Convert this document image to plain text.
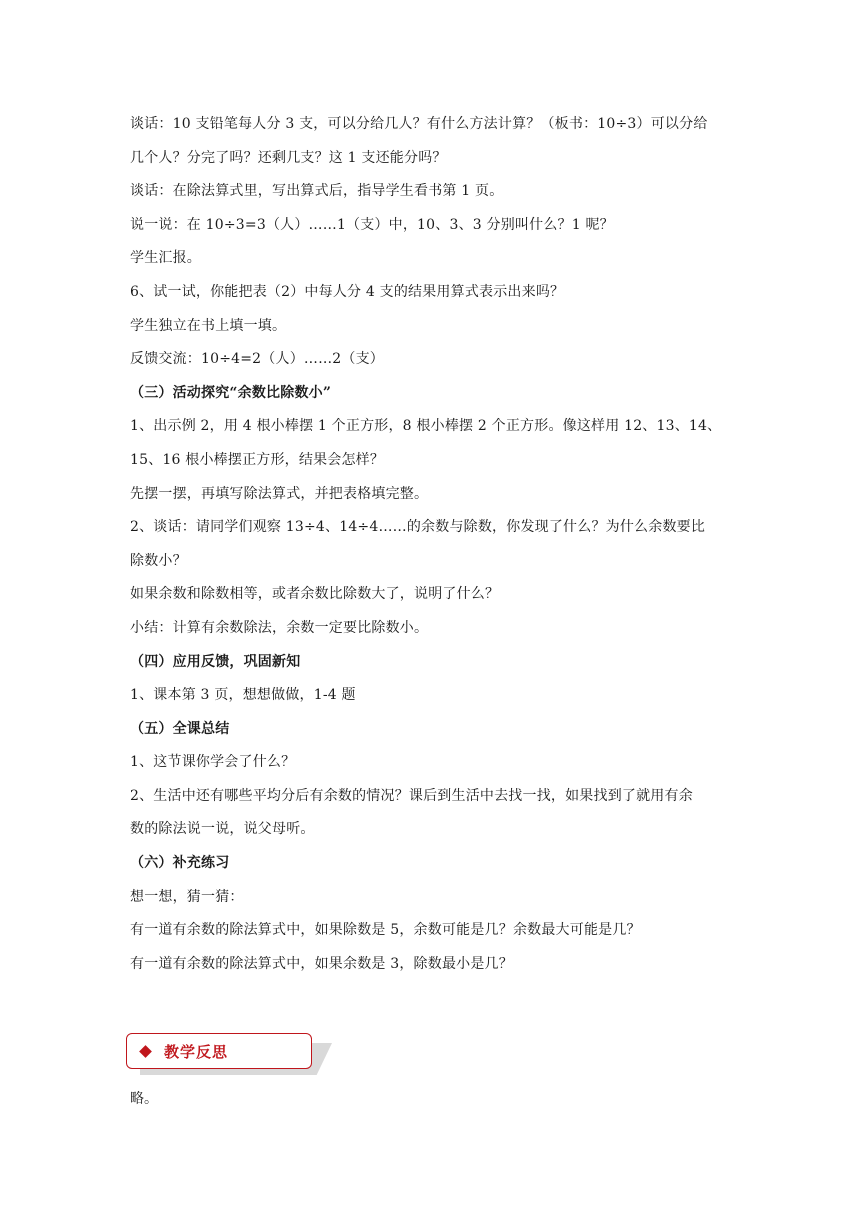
谈话：10 支铅笔每人分 3 支，可以分给几人？有什么方法计算？（板书：10÷3）可以分给
几个人？分完了吗？还剩几支？这 1 支还能分吗？
谈话：在除法算式里，写出算式后，指导学生看书第 1 页。
说一说：在 10÷3=3（人）……1（支）中，10、3、3 分别叫什么？1 呢？
学生汇报。
6、试一试，你能把表（2）中每人分 4 支的结果用算式表示出来吗？
学生独立在书上填一填。
反馈交流：10÷4=2（人）……2（支）
（三）活动探究“余数比除数小”
1、出示例 2，用 4 根小棒摆 1 个正方形，8 根小棒摆 2 个正方形。像这样用 12、13、14、
15、16 根小棒摆正方形，结果会怎样？
先摆一摆，再填写除法算式，并把表格填完整。
2、谈话：请同学们观察 13÷4、14÷4……的余数与除数，你发现了什么？为什么余数要比
除数小？
如果余数和除数相等，或者余数比除数大了，说明了什么？
小结：计算有余数除法，余数一定要比除数小。
（四）应用反馈，巩固新知
1、课本第 3 页，想想做做，1-4 题
（五）全课总结
1、这节课你学会了什么？
2、生活中还有哪些平均分后有余数的情况？课后到生活中去找一找，如果找到了就用有余
数的除法说一说，说父母听。
（六）补充练习
想一想，猜一猜：
有一道有余数的除法算式中，如果除数是 5，余数可能是几？余数最大可能是几？
有一道有余数的除法算式中，如果余数是 3，除数最小是几？
教学反思
略。
